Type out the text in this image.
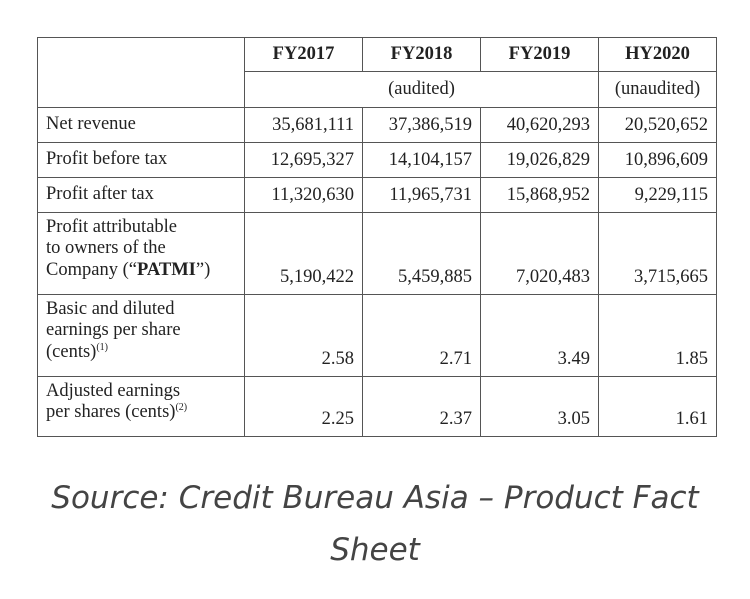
	FY2017	FY2018	FY2019	HY2020
	(audited)			(unaudited)
Net revenue	35,681,111	37,386,519	40,620,293	20,520,652
Profit before tax	12,695,327	14,104,157	19,026,829	10,896,609
Profit after tax	11,320,630	11,965,731	15,868,952	9,229,115
Profit attributable
to owners of the
Company (“PATMI”)	5,190,422	5,459,885	7,020,483	3,715,665
Basic and diluted
earnings per share
(cents)$^{(1)}$	2.58	2.71	3.49	1.85
Adjusted earnings
per shares (cents)$^{(2)}$	2.25	2.37	3.05	1.61
Source: Credit Bureau Asia – Product Fact
Sheet
